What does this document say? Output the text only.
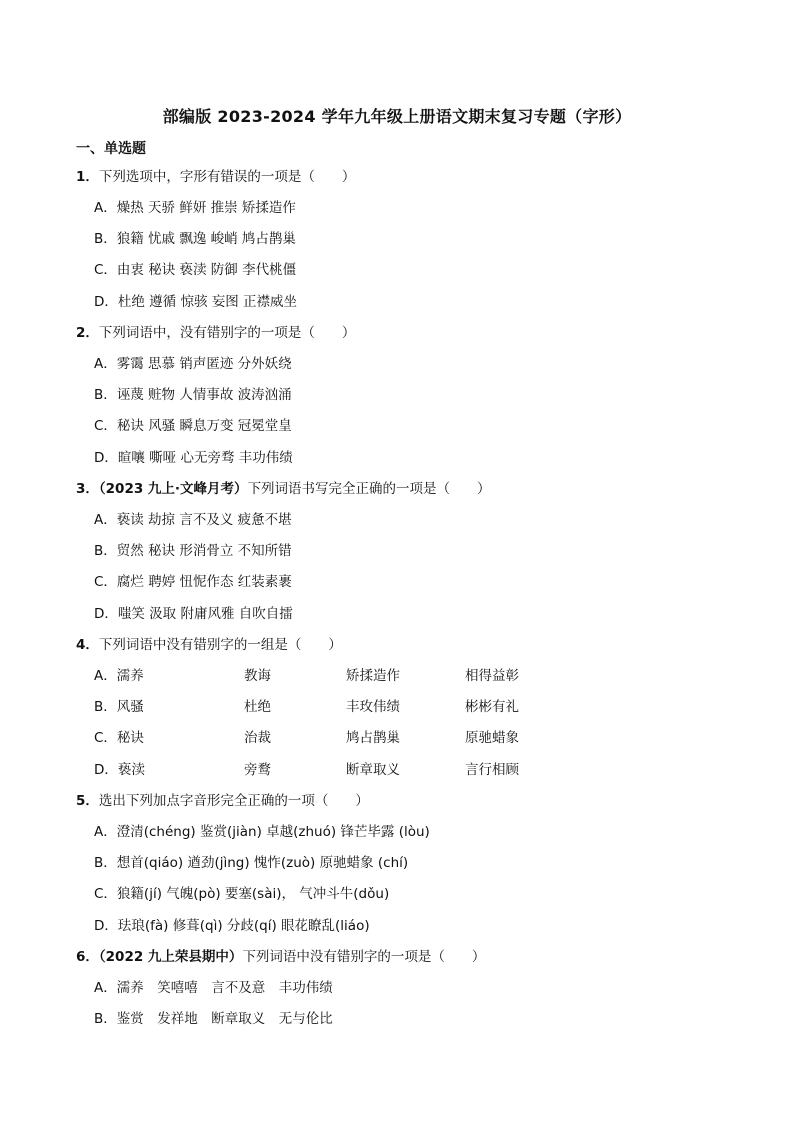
部编版 2023-2024 学年九年级上册语文期末复习专题（字形）
一、单选题
1．下列选项中，字形有错误的一项是（　　）
A．燥热 天骄 鲜妍 推崇 矫揉造作
B．狼籍 忧戚 飘逸 峻峭 鸠占鹊巢
C．由衷 秘诀 亵渎 防御 李代桃僵
D．杜绝 遵循 惊骇 妄图 正襟威坐
2．下列词语中，没有错别字的一项是（　　）
A．雾霭 思慕 销声匿迹 分外妖绕
B．诬蔑 赃物 人情事故 波涛汹涌
C．秘诀 风骚 瞬息万变 冠冕堂皇
D．暄嚷 嘶哑 心无旁骛 丰功伟绩
3．（2023 九上·文峰月考）下列词语书写完全正确的一项是（　　）
A．亵读 劫掠 言不及义 疲惫不堪
B．贸然 秘诀 形消骨立 不知所错
C．腐烂 聘婷 忸怩作态 红装素裹
D．嗤笑 汲取 附庸风雅 自吹自擂
4．下列词语中没有错别字的一组是（　　）
A．濡养	教诲	矫揉造作	相得益彰
B．风骚	杜绝	丰玫伟绩	彬彬有礼
C．秘诀	治裁	鸠占鹊巢	原驰蜡象
D．亵渎	旁鹜	断章取义	言行相顾
5．选出下列加点字音形完全正确的一项（　　）
A．澄清(chéng) 鉴赏(jiàn) 卓越(zhuó) 锋芒毕露 (lòu)
B．想首(qiáo) 遒劲(jìng) 愧怍(zuò) 原驰蜡象 (chí)
C．狼籍(jí) 气魄(pò) 要塞(sài)， 气冲斗牛(dǒu)
D．珐琅(fà) 修葺(qì) 分歧(qí) 眼花瞭乱(liáo)
6．（2022 九上荣县期中）下列词语中没有错别字的一项是（　　）
A．濡养　笑嘻嘻　言不及意　丰功伟绩
B．鉴赏　发祥地　断章取义　无与伦比
